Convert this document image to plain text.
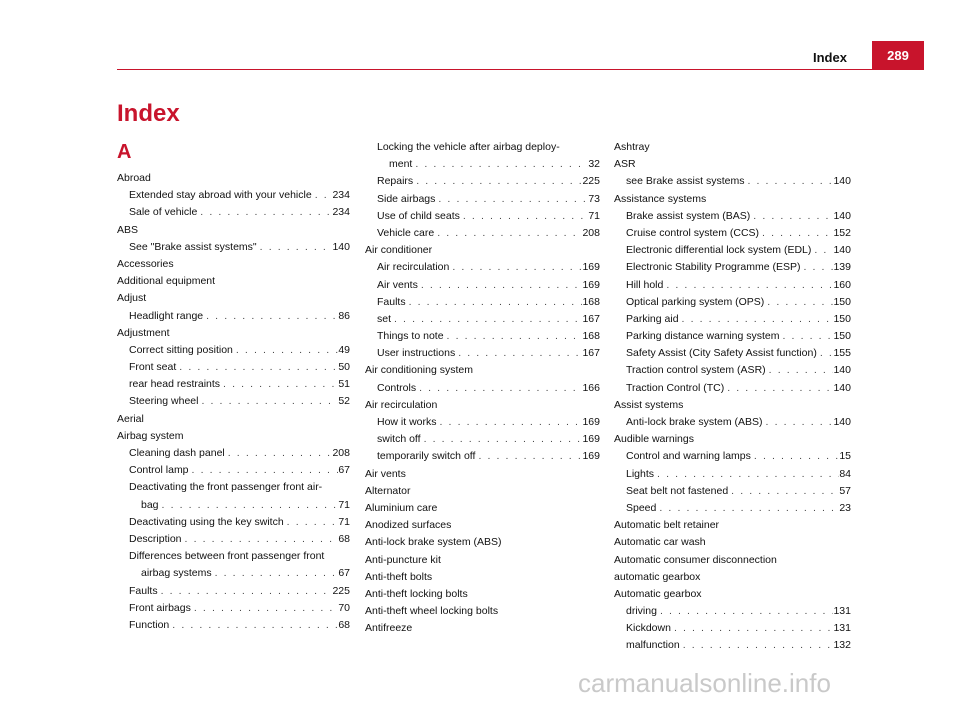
Index	289
Index
A
Abroad
Extended stay abroad with your vehicle . . . 234
Sale of vehicle . . .	234
ABS
See "Brake assist systems" . . .	140
Accessories
Additional equipment
Adjust
Headlight range . . .	86
Adjustment
Correct sitting position . . .	49
Front seat . . .	50
rear head restraints . . .	51
Steering wheel . . .	52
Aerial
Airbag system
Cleaning dash panel . . .	208
Control lamp . . .	67
Deactivating the front passenger front air-
bag . . .	71
Deactivating using the key switch . . .	71
Description . . .	68
Differences between front passenger front
airbag systems . . .	67
Faults . . .	225
Front airbags . . .	70
Function . . .	68
Locking the vehicle after airbag deploy-
ment . . .	32
Repairs . . .	225
Side airbags . . .	73
Use of child seats . . .	71
Vehicle care . . .	208
Air conditioner
Air recirculation . . .	169
Air vents . . .	169
Faults . . .	168
set . . .	167
Things to note . . .	168
User instructions . . .	167
Air conditioning system
Controls . . .	166
Air recirculation
How it works . . .	169
switch off . . .	169
temporarily switch off . . .	169
Air vents
Alternator
Aluminium care
Anodized surfaces
Anti-lock brake system (ABS)
Anti-puncture kit
Anti-theft bolts
Anti-theft locking bolts
Anti-theft wheel locking bolts
Antifreeze
Ashtray
ASR
see Brake assist systems . . .	140
Assistance systems
Brake assist system (BAS) . . .	140
Cruise control system (CCS) . . .	152
Electronic differential lock system (EDL) . . . 140
Electronic Stability Programme (ESP) . . .	139
Hill hold . . .	160
Optical parking system (OPS) . . .	150
Parking aid . . .	150
Parking distance warning system . . .	150
Safety Assist (City Safety Assist function) . . . 155
Traction control system (ASR) . . .	140
Traction Control (TC) . . .	140
Assist systems
Anti-lock brake system (ABS) . . .	140
Audible warnings
Control and warning lamps . . .	15
Lights . . .	84
Seat belt not fastened . . .	57
Speed . . .	23
Automatic belt retainer
Automatic car wash
Automatic consumer disconnection
automatic gearbox
Automatic gearbox
driving . . .	131
Kickdown . . .	131
malfunction . . .	132
carmanualsonline.info
